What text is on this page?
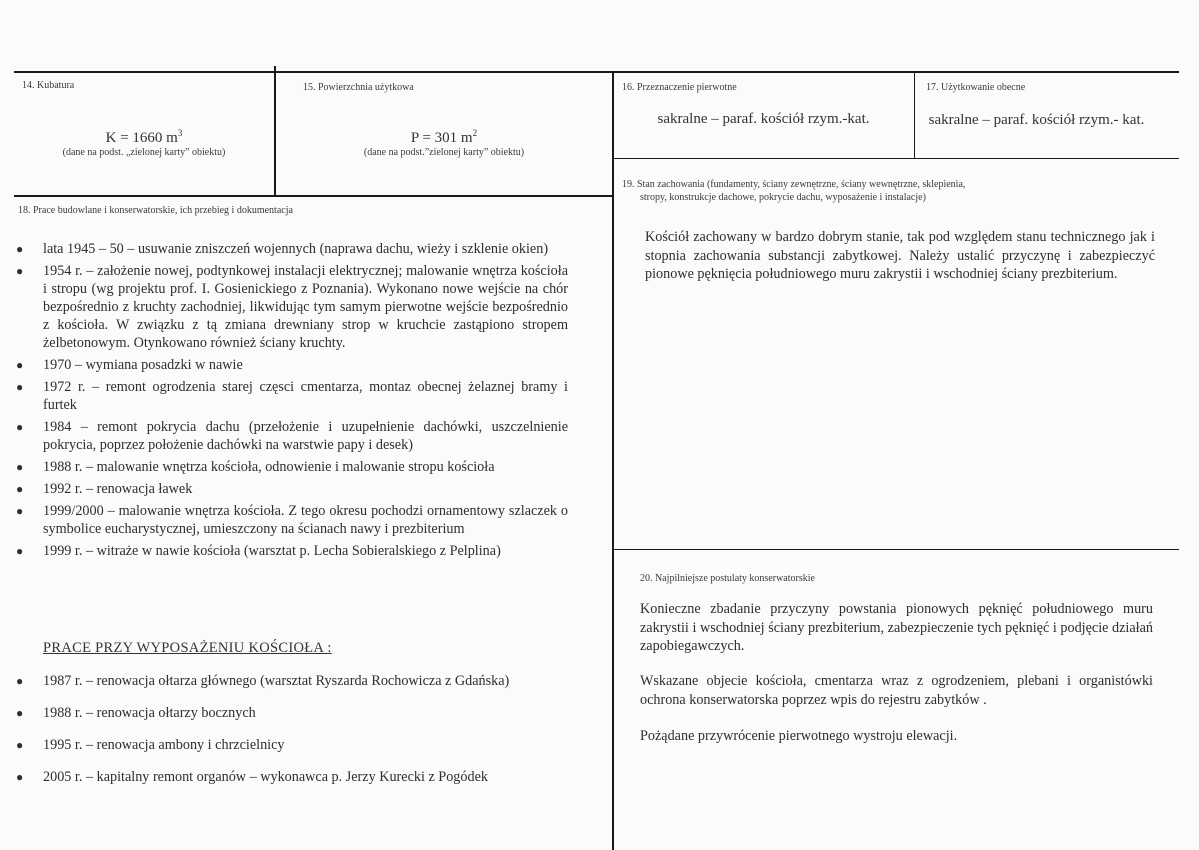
14. Kubatura
K = 1660 $m^3$
(dane na podst. „zielonej karty” obiektu)
15. Powierzchnia użytkowa
P = 301 $m^2$
(dane na podst.”zielonej karty” obiektu)
16. Przeznaczenie pierwotne
sakralne – paraf. kościół rzym.-kat.
17. Użytkowanie obecne
sakralne – paraf. kościół rzym.- kat.
18. Prace budowlane i konserwatorskie, ich przebieg i dokumentacja
● lata 1945 – 50 – usuwanie zniszczeń wojennych (naprawa dachu, wieży i szklenie okien)
● 1954 r. – założenie nowej, podtynkowej instalacji elektrycznej; malowanie wnętrza kościoła i stropu (wg projektu prof. I. Gosienickiego z Poznania). Wykonano nowe wejście na chór bezpośrednio z kruchty zachodniej, likwidując tym samym pierwotne wejście bezpośrednio z kościoła. W związku z tą zmiana drewniany strop w kruchcie zastąpiono stropem żelbetonowym. Otynkowano również ściany kruchty.
● 1970 – wymiana posadzki w nawie
● 1972 r. – remont ogrodzenia starej częsci cmentarza, montaz obecnej żelaznej bramy i furtek
● 1984 – remont pokrycia dachu (przełożenie i uzupełnienie dachówki, uszczelnienie pokrycia, poprzez położenie dachówki na warstwie papy i desek)
● 1988 r. – malowanie wnętrza kościoła, odnowienie i malowanie stropu kościoła
● 1992 r. – renowacja ławek
● 1999/2000 – malowanie wnętrza kościoła. Z tego okresu pochodzi ornamentowy szlaczek o symbolice eucharystycznej, umieszczony na ścianach nawy i prezbiterium
● 1999 r. – witraże w nawie kościoła (warsztat p. Lecha Sobieralskiego z Pelplina)
PRACE PRZY WYPOSAŻENIU KOŚCIOŁA :
● 1987 r. – renowacja ołtarza głównego (warsztat Ryszarda Rochowicza z Gdańska)
● 1988 r. – renowacja ołtarzy bocznych
● 1995 r. – renowacja ambony i chrzcielnicy
● 2005 r. – kapitalny remont organów – wykonawca p. Jerzy Kurecki z Pogódek
19. Stan zachowania (fundamenty, ściany zewnętrzne, ściany wewnętrzne, sklepienia,
stropy, konstrukcje dachowe, pokrycie dachu, wyposażenie i instalacje)
Kościół zachowany w bardzo dobrym stanie, tak pod względem stanu technicznego jak i stopnia zachowania substancji zabytkowej. Należy ustalić przyczynę i zabezpieczyć pionowe pęknięcia południowego muru zakrystii i wschodniej ściany prezbiterium.
20. Najpilniejsze postulaty konserwatorskie
Konieczne zbadanie przyczyny powstania pionowych pęknięć południowego muru zakrystii i wschodniej ściany prezbiterium, zabezpieczenie tych pęknięć i podjęcie działań zapobiegawczych.
Wskazane objecie kościoła, cmentarza wraz z ogrodzeniem, plebani i organistówki ochrona konserwatorska poprzez wpis do rejestru zabytków .
Pożądane przywrócenie pierwotnego wystroju elewacji.
